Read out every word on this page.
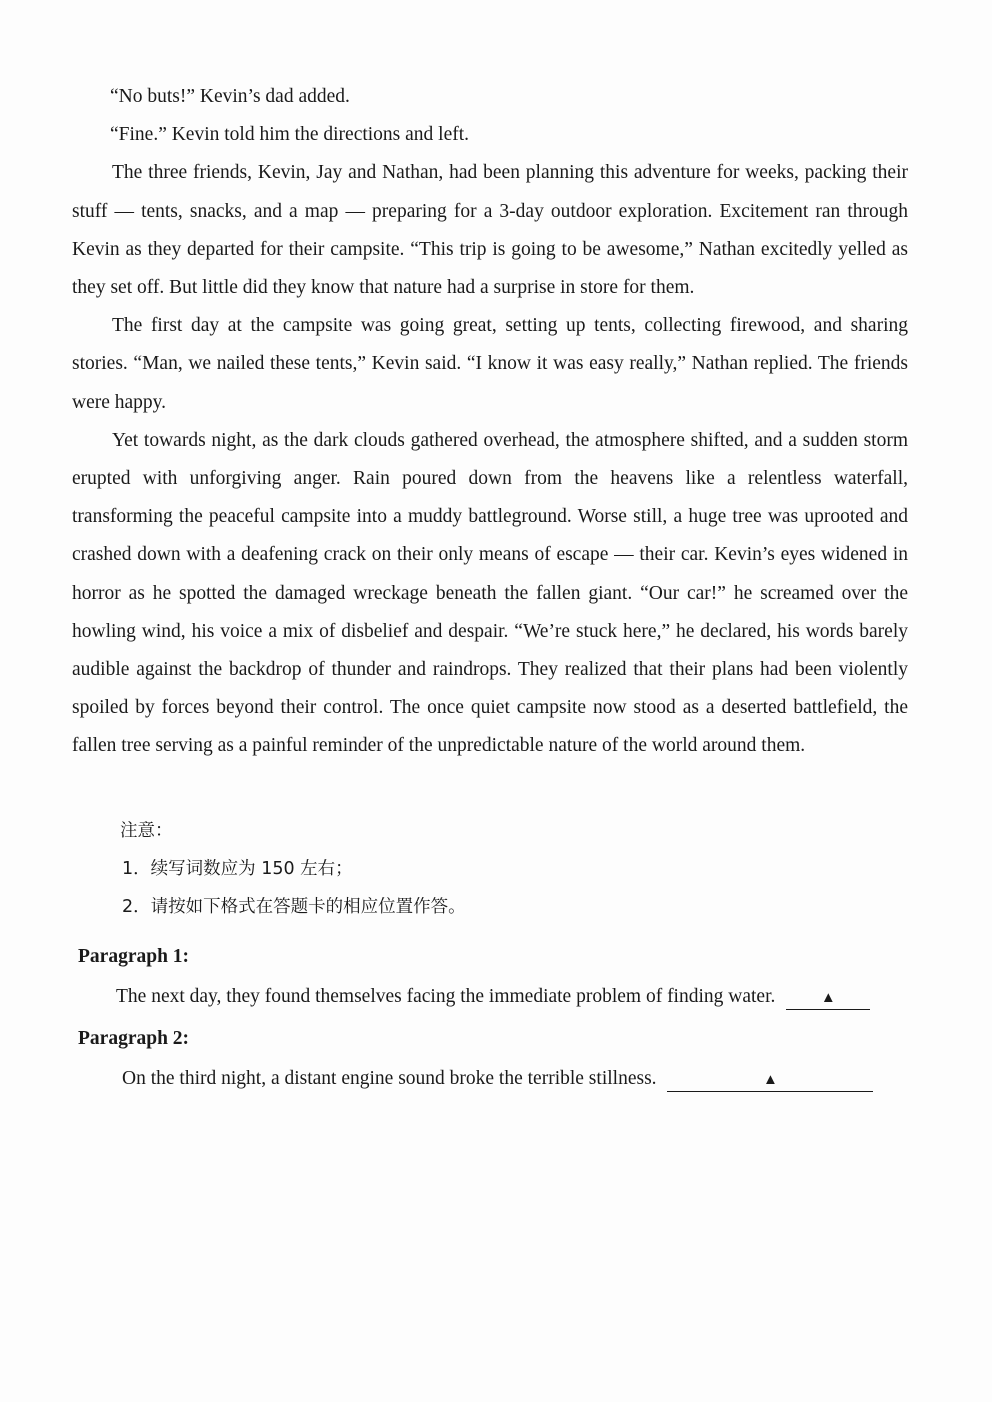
“No buts!” Kevin’s dad added.

“Fine.” Kevin told him the directions and left.

The three friends, Kevin, Jay and Nathan, had been planning this adventure for weeks, packing their stuff — tents, snacks, and a map — preparing for a 3-day outdoor exploration. Excitement ran through Kevin as they departed for their campsite. “This trip is going to be awesome,” Nathan excitedly yelled as they set off. But little did they know that nature had a surprise in store for them.

The first day at the campsite was going great, setting up tents, collecting firewood, and sharing stories. “Man, we nailed these tents,” Kevin said. “I know it was easy really,” Nathan replied. The friends were happy.

Yet towards night, as the dark clouds gathered overhead, the atmosphere shifted, and a sudden storm erupted with unforgiving anger. Rain poured down from the heavens like a relentless waterfall, transforming the peaceful campsite into a muddy battleground. Worse still, a huge tree was uprooted and crashed down with a deafening crack on their only means of escape — their car. Kevin’s eyes widened in horror as he spotted the damaged wreckage beneath the fallen giant. “Our car!” he screamed over the howling wind, his voice a mix of disbelief and despair. “We’re stuck here,” he declared, his words barely audible against the backdrop of thunder and raindrops. They realized that their plans had been violently spoiled by forces beyond their control. The once quiet campsite now stood as a deserted battlefield, the fallen tree serving as a painful reminder of the unpredictable nature of the world around them.

注意：
1．续写词数应为 150 左右；
2．请按如下格式在答题卡的相应位置作答。
Paragraph 1:
The next day, they found themselves facing the immediate problem of finding water.	▲
Paragraph 2:
On the third night, a distant engine sound broke the terrible stillness.	▲
